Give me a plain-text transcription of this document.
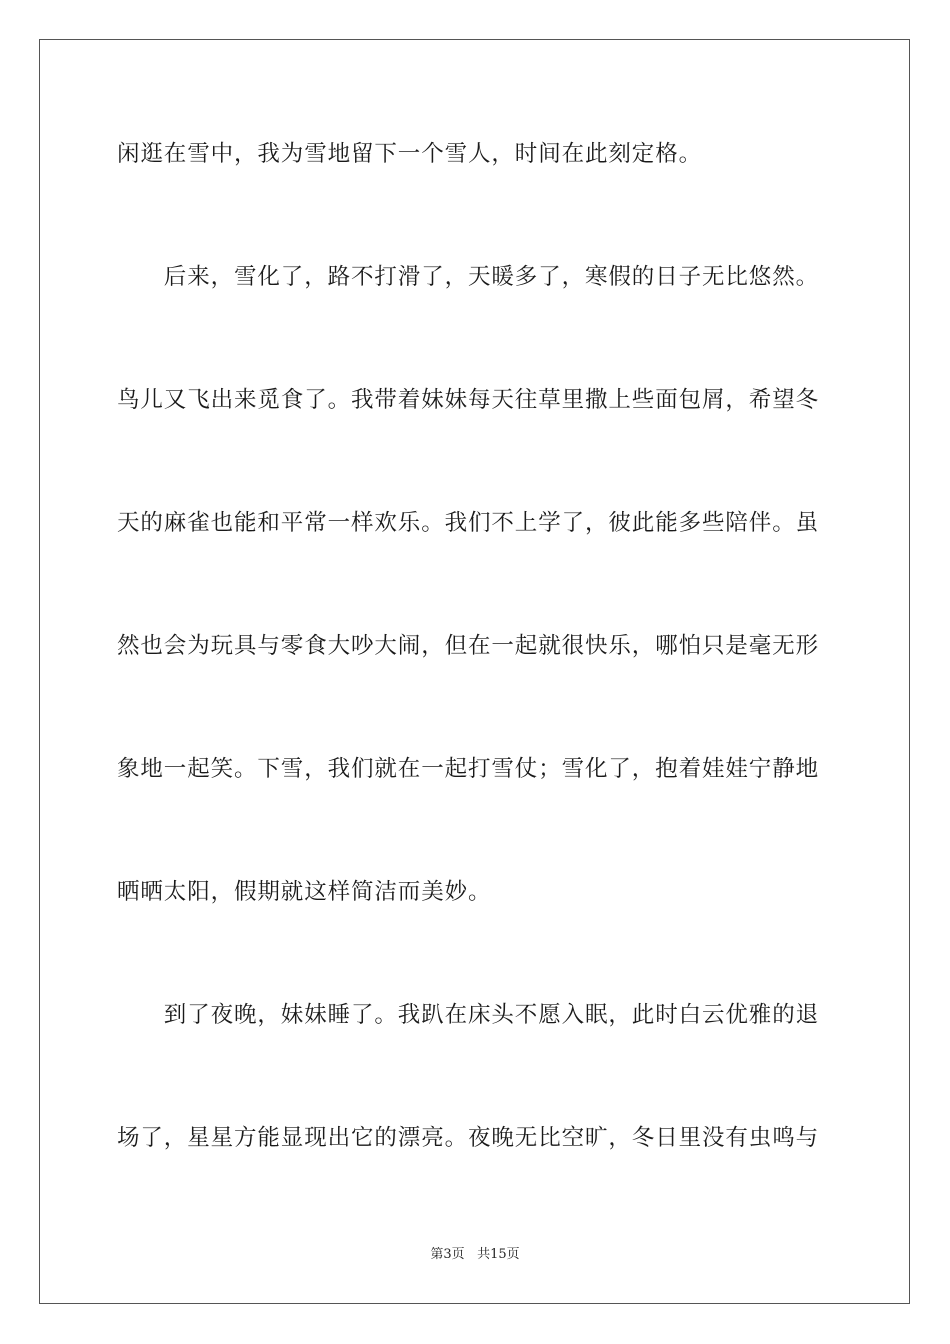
闲逛在雪中，我为雪地留下一个雪人，时间在此刻定格。
　　后来，雪化了，路不打滑了，天暖多了，寒假的日子无比悠然。
鸟儿又飞出来觅食了。我带着妹妹每天往草里撒上些面包屑，希望冬
天的麻雀也能和平常一样欢乐。我们不上学了，彼此能多些陪伴。虽
然也会为玩具与零食大吵大闹，但在一起就很快乐，哪怕只是毫无形
象地一起笑。下雪，我们就在一起打雪仗；雪化了，抱着娃娃宁静地
晒晒太阳，假期就这样简洁而美妙。
　　到了夜晚，妹妹睡了。我趴在床头不愿入眠，此时白云优雅的退
场了，星星方能显现出它的漂亮。夜晚无比空旷，冬日里没有虫鸣与
第3页 共15页
